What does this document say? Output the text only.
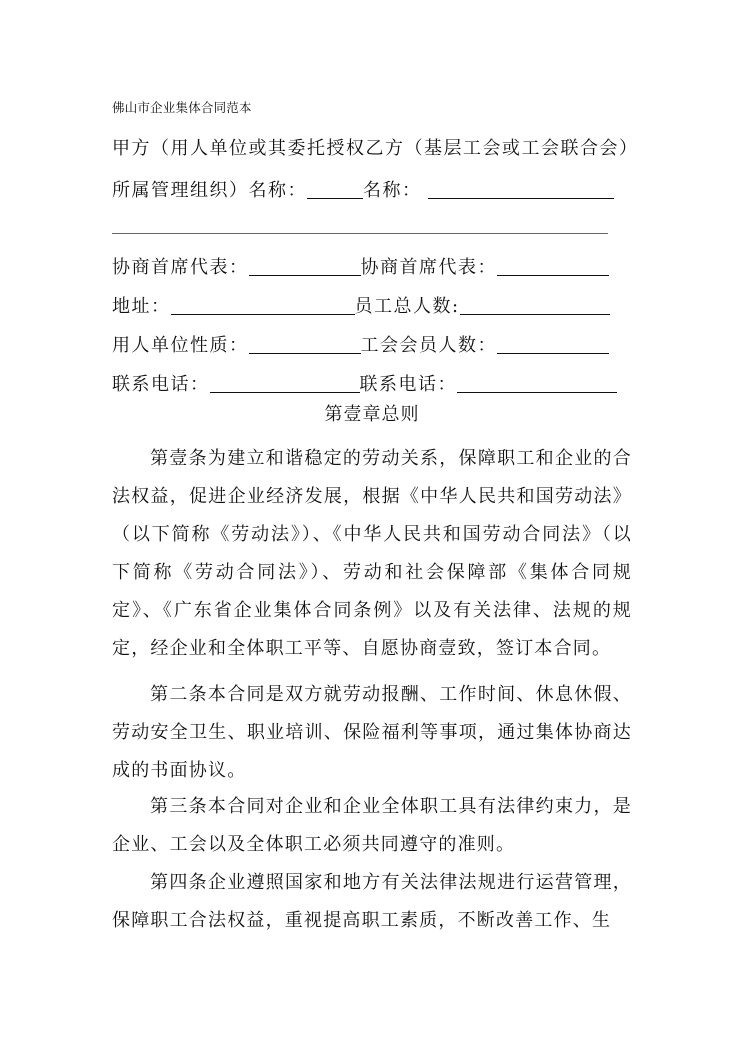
佛山市企业集体合同范本
甲方（用人单位或其委托授权乙方（基层工会或工会联合会）
所属管理组织）名称：	名称：
协商首席代表：	协商首席代表：
地址：	员工总人数:
用人单位性质：	工会会员人数：
联系电话：	联系电话：
第壹章总则

第壹条为建立和谐稳定的劳动关系，保障职工和企业的合法权益，促进企业经济发展，根据《中华人民共和国劳动法》（以下简称《劳动法》）、《中华人民共和国劳动合同法》（以下简称《劳动合同法》）、劳动和社会保障部《集体合同规定》、《广东省企业集体合同条例》以及有关法律、法规的规定，经企业和全体职工平等、自愿协商壹致，签订本合同。

第二条本合同是双方就劳动报酬、工作时间、休息休假、劳动安全卫生、职业培训、保险福利等事项，通过集体协商达成的书面协议。

第三条本合同对企业和企业全体职工具有法律约束力，是企业、工会以及全体职工必须共同遵守的准则。

第四条企业遵照国家和地方有关法律法规进行运营管理，保障职工合法权益，重视提高职工素质，不断改善工作、生
